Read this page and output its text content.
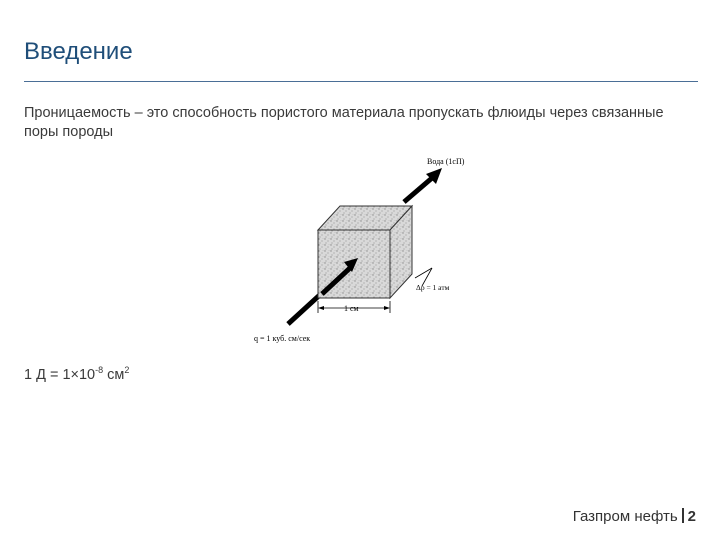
Введение
Проницаемость – это способность пористого материала пропускать флюиды через связанные поры породы
Вода (1сП)
Δp = 1 атм
1 см
q = 1 куб. см/сек
1 $Д = 1\times 10^{-8}$ $см^2$
Газпром нефть 2
